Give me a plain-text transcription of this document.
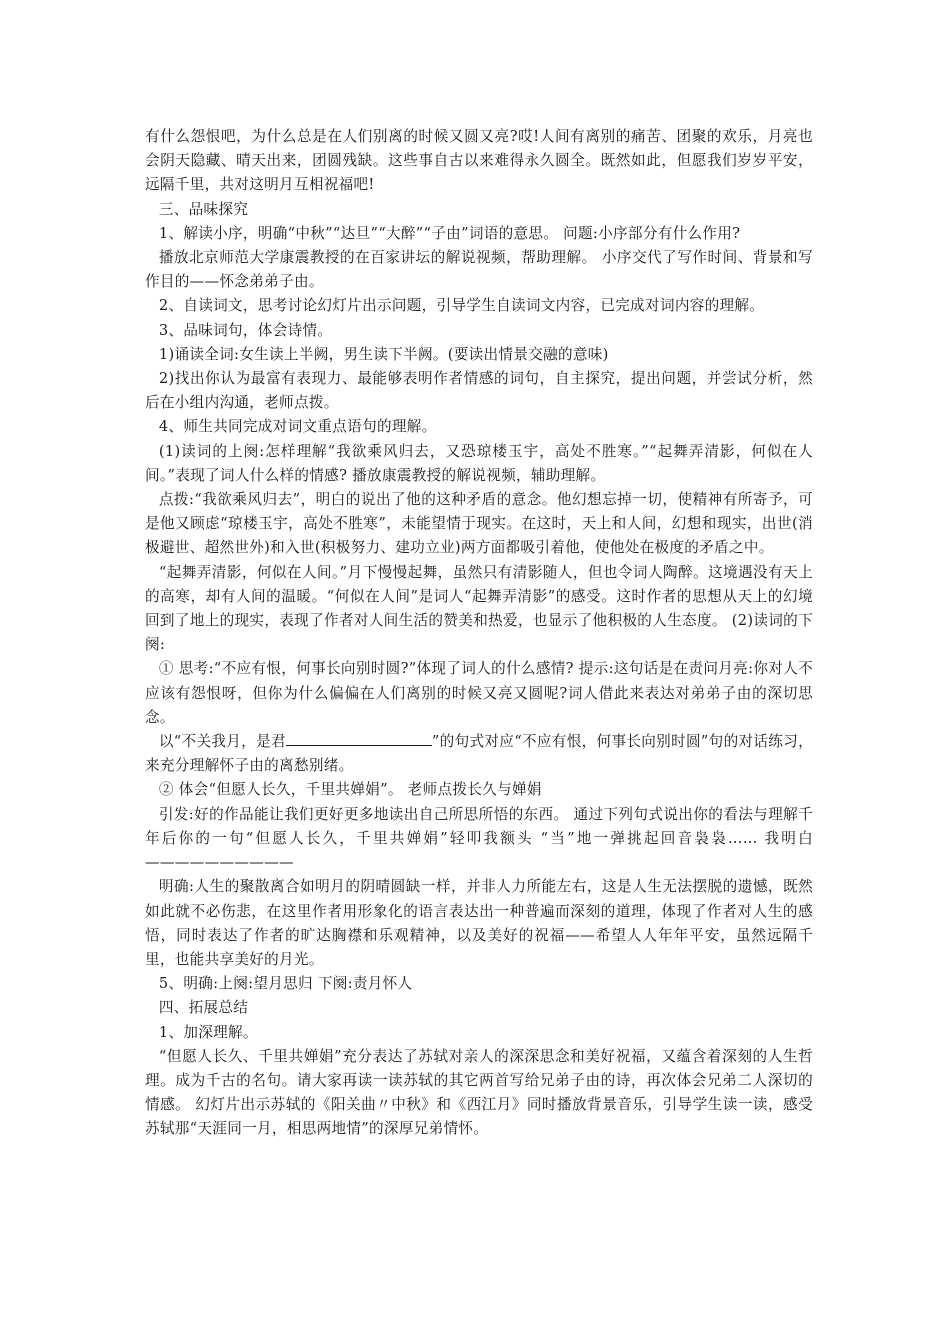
有什么怨恨吧，为什么总是在人们别离的时候又圆又亮?哎!人间有离别的痛苦、团聚的欢乐，月亮也会阴天隐藏、晴天出来，团圆残缺。这些事自古以来难得永久圆全。既然如此，但愿我们岁岁平安，远隔千里，共对这明月互相祝福吧!

三、品味探究

1、解读小序，明确“中秋”“达旦”“大醉”“子由”词语的意思。 问题:小序部分有什么作用?

播放北京师范大学康震教授的在百家讲坛的解说视频，帮助理解。 小序交代了写作时间、背景和写作目的——怀念弟弟子由。

2、自读词文，思考讨论幻灯片出示问题，引导学生自读词文内容，已完成对词内容的理解。

3、品味词句，体会诗情。

1)诵读全词:女生读上半阙，男生读下半阙。(要读出情景交融的意味)

2)找出你认为最富有表现力、最能够表明作者情感的词句，自主探究，提出问题，并尝试分析，然后在小组内沟通，老师点拨。

4、师生共同完成对词文重点语句的理解。

(1)读词的上阕:怎样理解“我欲乘风归去，又恐琼楼玉宇，高处不胜寒。”“起舞弄清影，何似在人间。”表现了词人什么样的情感? 播放康震教授的解说视频，辅助理解。

点拨:“我欲乘风归去”，明白的说出了他的这种矛盾的意念。他幻想忘掉一切，使精神有所寄予，可是他又顾虑“琼楼玉宇，高处不胜寒”，未能望情于现实。在这时，天上和人间，幻想和现实，出世(消极避世、超然世外)和入世(积极努力、建功立业)两方面都吸引着他，使他处在极度的矛盾之中。

“起舞弄清影，何似在人间。”月下慢慢起舞，虽然只有清影随人，但也令词人陶醉。这境遇没有天上的高寒，却有人间的温暖。“何似在人间”是词人“起舞弄清影”的感受。这时作者的思想从天上的幻境回到了地上的现实，表现了作者对人间生活的赞美和热爱，也显示了他积极的人生态度。 (2)读词的下阕:

① 思考:“不应有恨，何事长向别时圆?”体现了词人的什么感情? 提示:这句话是在责问月亮:你对人不应该有怨恨呀，但你为什么偏偏在人们离别的时候又亮又圆呢?词人借此来表达对弟弟子由的深切思念。

以“不关我月，是君	”的句式对应“不应有恨，何事长向别时圆”句的对话练习，来充分理解怀子由的离愁别绪。

② 体会“但愿人长久，千里共婵娟”。 老师点拨长久与婵娟

引发:好的作品能让我们更好更多地读出自己所思所悟的东西。 通过下列句式说出你的看法与理解千年后你的一句“但愿人长久，千里共婵娟”轻叩我额头 “当”地一弹挑起回音袅袅…… 我明白——————————

明确:人生的聚散离合如明月的阴晴圆缺一样，并非人力所能左右，这是人生无法摆脱的遗憾，既然如此就不必伤悲，在这里作者用形象化的语言表达出一种普遍而深刻的道理，体现了作者对人生的感悟，同时表达了作者的旷达胸襟和乐观精神，以及美好的祝福——希望人人年年平安，虽然远隔千里，也能共享美好的月光。

5、明确:上阕:望月思归 下阕:责月怀人

四、拓展总结

1、加深理解。

“但愿人长久、千里共婵娟”充分表达了苏轼对亲人的深深思念和美好祝福，又蕴含着深刻的人生哲理。成为千古的名句。请大家再读一读苏轼的其它两首写给兄弟子由的诗，再次体会兄弟二人深切的情感。 幻灯片出示苏轼的《阳关曲〃中秋》和《西江月》同时播放背景音乐，引导学生读一读，感受苏轼那“天涯同一月，相思两地情”的深厚兄弟情怀。
